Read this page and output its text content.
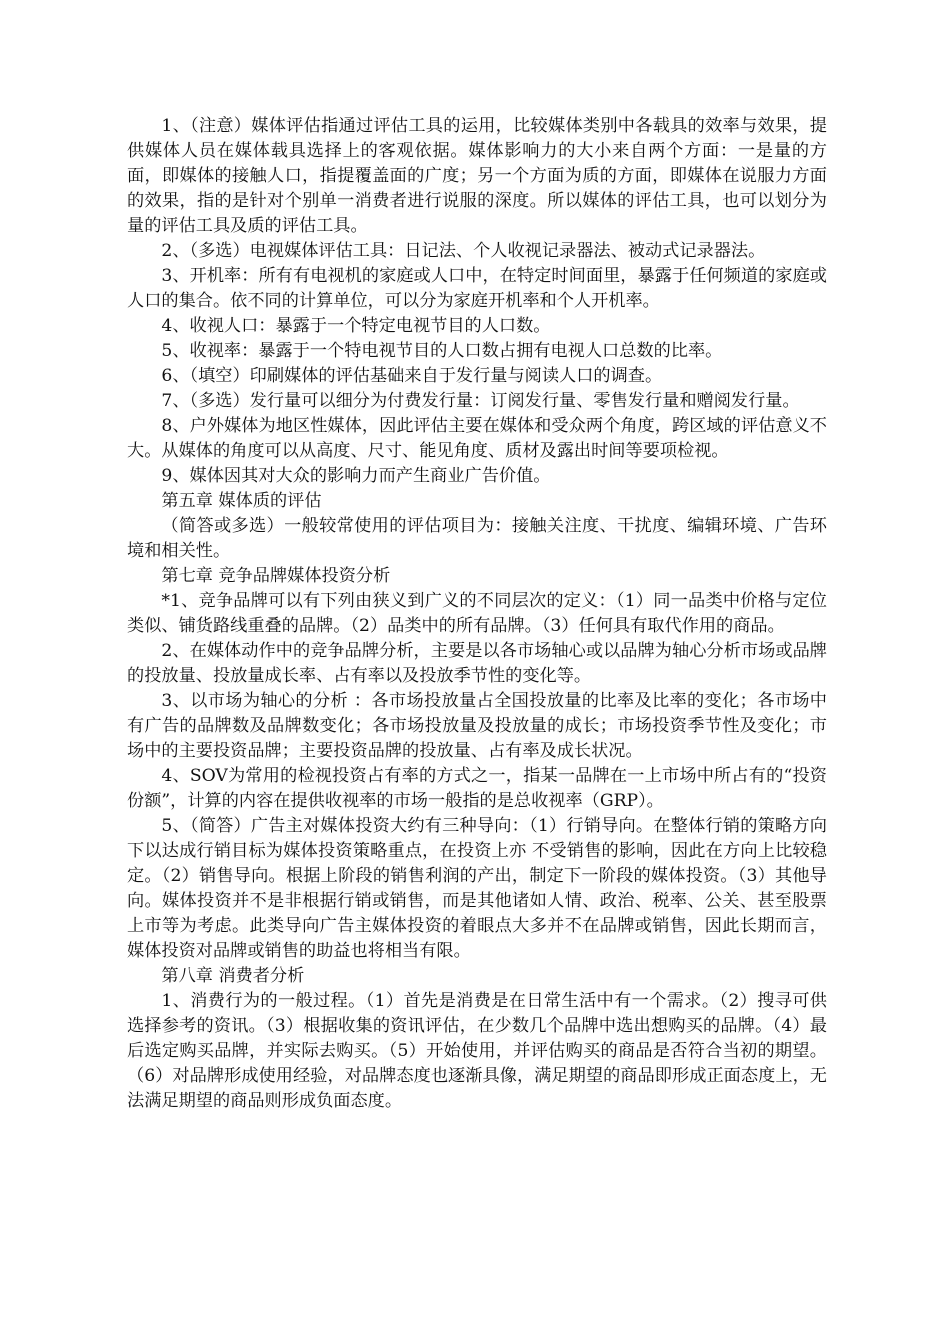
1、（注意）媒体评估指通过评估工具的运用，比较媒体类别中各载具的效率与效果，提供媒体人员在媒体载具选择上的客观依据。媒体影响力的大小来自两个方面：一是量的方面，即媒体的接触人口，指提覆盖面的广度；另一个方面为质的方面，即媒体在说服力方面的效果，指的是针对个别单一消费者进行说服的深度。所以媒体的评估工具，也可以划分为量的评估工具及质的评估工具。

2、（多选）电视媒体评估工具：日记法、个人收视记录器法、被动式记录器法。

3、开机率：所有有电视机的家庭或人口中，在特定时间面里，暴露于任何频道的家庭或人口的集合。依不同的计算单位，可以分为家庭开机率和个人开机率。

4、收视人口：暴露于一个特定电视节目的人口数。

5、收视率：暴露于一个特电视节目的人口数占拥有电视人口总数的比率。

6、（填空）印刷媒体的评估基础来自于发行量与阅读人口的调查。

7、（多选）发行量可以细分为付费发行量：订阅发行量、零售发行量和赠阅发行量。

8、户外媒体为地区性媒体，因此评估主要在媒体和受众两个角度，跨区域的评估意义不大。从媒体的角度可以从高度、尺寸、能见角度、质材及露出时间等要项检视。

9、媒体因其对大众的影响力而产生商业广告价值。

第五章 媒体质的评估

（简答或多选）一般较常使用的评估项目为：接触关注度、干扰度、编辑环境、广告环境和相关性。

第七章 竞争品牌媒体投资分析

*1、竞争品牌可以有下列由狭义到广义的不同层次的定义：（1）同一品类中价格与定位类似、铺货路线重叠的品牌。（2）品类中的所有品牌。（3）任何具有取代作用的商品。

2、在媒体动作中的竞争品牌分析，主要是以各市场轴心或以品牌为轴心分析市场或品牌的投放量、投放量成长率、占有率以及投放季节性的变化等。

3、以市场为轴心的分析 ：各市场投放量占全国投放量的比率及比率的变化；各市场中有广告的品牌数及品牌数变化；各市场投放量及投放量的成长；市场投资季节性及变化；市场中的主要投资品牌；主要投资品牌的投放量、占有率及成长状况。

4、SOV为常用的检视投资占有率的方式之一，指某一品牌在一上市场中所占有的“投资份额”，计算的内容在提供收视率的市场一般指的是总收视率（GRP）。

5、（简答）广告主对媒体投资大约有三种导向：（1）行销导向。在整体行销的策略方向下以达成行销目标为媒体投资策略重点，在投资上亦 不受销售的影响，因此在方向上比较稳定。（2）销售导向。根据上阶段的销售利润的产出，制定下一阶段的媒体投资。（3）其他导向。媒体投资并不是非根据行销或销售，而是其他诸如人情、政治、税率、公关、甚至股票上市等为考虑。此类导向广告主媒体投资的着眼点大多并不在品牌或销售，因此长期而言，媒体投资对品牌或销售的助益也将相当有限。

第八章 消费者分析

1、消费行为的一般过程。（1）首先是消费是在日常生活中有一个需求。（2）搜寻可供选择参考的资讯。（3）根据收集的资讯评估，在少数几个品牌中选出想购买的品牌。（4）最后选定购买品牌，并实际去购买。（5）开始使用，并评估购买的商品是否符合当初的期望。（6）对品牌形成使用经验，对品牌态度也逐渐具像，满足期望的商品即形成正面态度上，无法满足期望的商品则形成负面态度。
